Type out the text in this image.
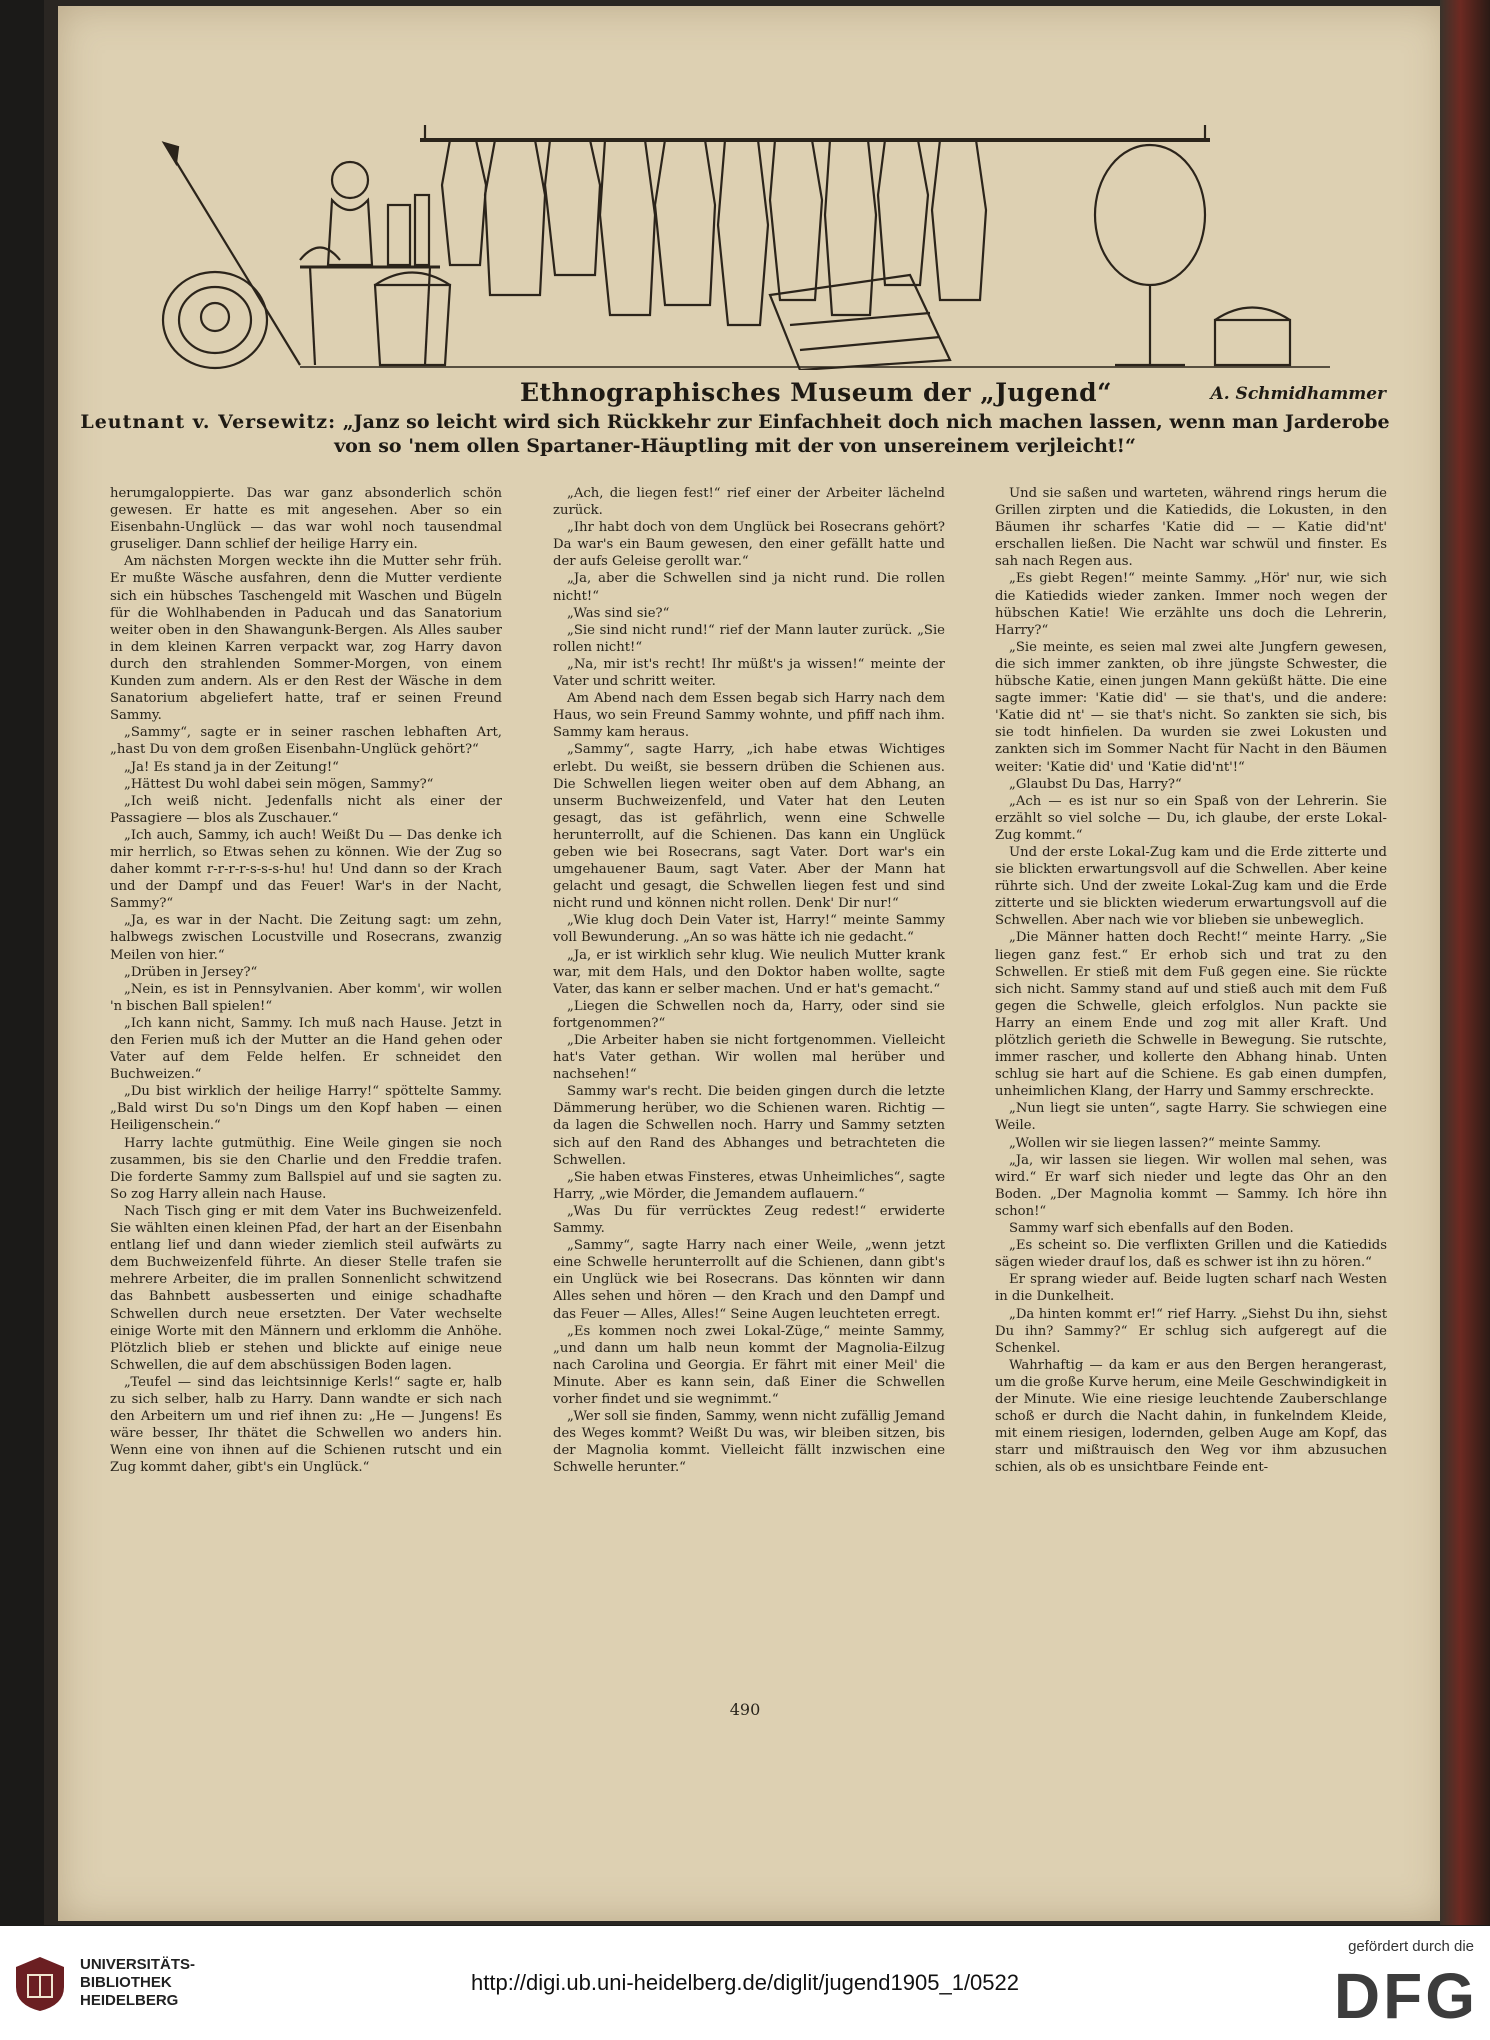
Ethnographisches Museum der „Jugend“	A. Schmidhammer
Leutnant v. Versewitz: „Janz so leicht wird sich Rückkehr zur Einfachheit doch nich machen lassen, wenn man Jarderobe
von so 'nem ollen Spartaner-Häuptling mit der von unsereinem verjleicht!“

herumgaloppierte. Das war ganz absonderlich schön gewesen. Er hatte es mit angesehen. Aber so ein Eisenbahn-Unglück — das war wohl noch tausendmal gruseliger. Dann schlief der heilige Harry ein.

Am nächsten Morgen weckte ihn die Mutter sehr früh. Er mußte Wäsche ausfahren, denn die Mutter verdiente sich ein hübsches Taschengeld mit Waschen und Bügeln für die Wohlhabenden in Paducah und das Sanatorium weiter oben in den Shawangunk-Bergen. Als Alles sauber in dem kleinen Karren verpackt war, zog Harry davon durch den strahlenden Sommer-Morgen, von einem Kunden zum andern. Als er den Rest der Wäsche in dem Sanatorium abgeliefert hatte, traf er seinen Freund Sammy.

„Sammy“, sagte er in seiner raschen lebhaften Art, „hast Du von dem großen Eisenbahn-Unglück gehört?“

„Ja! Es stand ja in der Zeitung!“

„Hättest Du wohl dabei sein mögen, Sammy?“

„Ich weiß nicht. Jedenfalls nicht als einer der Passagiere — blos als Zuschauer.“

„Ich auch, Sammy, ich auch! Weißt Du — Das denke ich mir herrlich, so Etwas sehen zu können. Wie der Zug so daher kommt r-r-r-r-s-s-s-hu! hu! Und dann so der Krach und der Dampf und das Feuer! War's in der Nacht, Sammy?“

„Ja, es war in der Nacht. Die Zeitung sagt: um zehn, halbwegs zwischen Locustville und Rosecrans, zwanzig Meilen von hier.“

„Drüben in Jersey?“

„Nein, es ist in Pennsylvanien. Aber komm', wir wollen 'n bischen Ball spielen!“

„Ich kann nicht, Sammy. Ich muß nach Hause. Jetzt in den Ferien muß ich der Mutter an die Hand gehen oder Vater auf dem Felde helfen. Er schneidet den Buchweizen.“

„Du bist wirklich der heilige Harry!“ spöttelte Sammy. „Bald wirst Du so'n Dings um den Kopf haben — einen Heiligenschein.“

Harry lachte gutmüthig. Eine Weile gingen sie noch zusammen, bis sie den Charlie und den Freddie trafen. Die forderte Sammy zum Ballspiel auf und sie sagten zu. So zog Harry allein nach Hause.

Nach Tisch ging er mit dem Vater ins Buchweizenfeld. Sie wählten einen kleinen Pfad, der hart an der Eisenbahn entlang lief und dann wieder ziemlich steil aufwärts zu dem Buchweizenfeld führte. An dieser Stelle trafen sie mehrere Arbeiter, die im prallen Sonnenlicht schwitzend das Bahnbett ausbesserten und einige schadhafte Schwellen durch neue ersetzten. Der Vater wechselte einige Worte mit den Männern und erklomm die Anhöhe. Plötzlich blieb er stehen und blickte auf einige neue Schwellen, die auf dem abschüssigen Boden lagen.

„Teufel — sind das leichtsinnige Kerls!“ sagte er, halb zu sich selber, halb zu Harry. Dann wandte er sich nach den Arbeitern um und rief ihnen zu: „He — Jungens! Es wäre besser, Ihr thätet die Schwellen wo anders hin. Wenn eine von ihnen auf die Schienen rutscht und ein Zug kommt daher, gibt's ein Unglück.“

„Ach, die liegen fest!“ rief einer der Arbeiter lächelnd zurück.

„Ihr habt doch von dem Unglück bei Rosecrans gehört? Da war's ein Baum gewesen, den einer gefällt hatte und der aufs Geleise gerollt war.“

„Ja, aber die Schwellen sind ja nicht rund. Die rollen nicht!“

„Was sind sie?“

„Sie sind nicht rund!“ rief der Mann lauter zurück. „Sie rollen nicht!“

„Na, mir ist's recht! Ihr müßt's ja wissen!“ meinte der Vater und schritt weiter.

Am Abend nach dem Essen begab sich Harry nach dem Haus, wo sein Freund Sammy wohnte, und pfiff nach ihm. Sammy kam heraus.

„Sammy“, sagte Harry, „ich habe etwas Wichtiges erlebt. Du weißt, sie bessern drüben die Schienen aus. Die Schwellen liegen weiter oben auf dem Abhang, an unserm Buchweizenfeld, und Vater hat den Leuten gesagt, das ist gefährlich, wenn eine Schwelle herunterrollt, auf die Schienen. Das kann ein Unglück geben wie bei Rosecrans, sagt Vater. Dort war's ein umgehauener Baum, sagt Vater. Aber der Mann hat gelacht und gesagt, die Schwellen liegen fest und sind nicht rund und können nicht rollen. Denk' Dir nur!“

„Wie klug doch Dein Vater ist, Harry!“ meinte Sammy voll Bewunderung. „An so was hätte ich nie gedacht.“

„Ja, er ist wirklich sehr klug. Wie neulich Mutter krank war, mit dem Hals, und den Doktor haben wollte, sagte Vater, das kann er selber machen. Und er hat's gemacht.“

„Liegen die Schwellen noch da, Harry, oder sind sie fortgenommen?“

„Die Arbeiter haben sie nicht fortgenommen. Vielleicht hat's Vater gethan. Wir wollen mal herüber und nachsehen!“

Sammy war's recht. Die beiden gingen durch die letzte Dämmerung herüber, wo die Schienen waren. Richtig — da lagen die Schwellen noch. Harry und Sammy setzten sich auf den Rand des Abhanges und betrachteten die Schwellen.

„Sie haben etwas Finsteres, etwas Unheimliches“, sagte Harry, „wie Mörder, die Jemandem auflauern.“

„Was Du für verrücktes Zeug redest!“ erwiderte Sammy.

„Sammy“, sagte Harry nach einer Weile, „wenn jetzt eine Schwelle herunterrollt auf die Schienen, dann gibt's ein Unglück wie bei Rosecrans. Das könnten wir dann Alles sehen und hören — den Krach und den Dampf und das Feuer — Alles, Alles!“ Seine Augen leuchteten erregt.

„Es kommen noch zwei Lokal-Züge,“ meinte Sammy, „und dann um halb neun kommt der Magnolia-Eilzug nach Carolina und Georgia. Er fährt mit einer Meil' die Minute. Aber es kann sein, daß Einer die Schwellen vorher findet und sie wegnimmt.“

„Wer soll sie finden, Sammy, wenn nicht zufällig Jemand des Weges kommt? Weißt Du was, wir bleiben sitzen, bis der Magnolia kommt. Vielleicht fällt inzwischen eine Schwelle herunter.“

Und sie saßen und warteten, während rings herum die Grillen zirpten und die Katiedids, die Lokusten, in den Bäumen ihr scharfes 'Katie did — — Katie did'nt' erschallen ließen. Die Nacht war schwül und finster. Es sah nach Regen aus.

„Es giebt Regen!“ meinte Sammy. „Hör' nur, wie sich die Katiedids wieder zanken. Immer noch wegen der hübschen Katie! Wie erzählte uns doch die Lehrerin, Harry?“

„Sie meinte, es seien mal zwei alte Jungfern gewesen, die sich immer zankten, ob ihre jüngste Schwester, die hübsche Katie, einen jungen Mann geküßt hätte. Die eine sagte immer: 'Katie did' — sie that's, und die andere: 'Katie did nt' — sie that's nicht. So zankten sie sich, bis sie todt hinfielen. Da wurden sie zwei Lokusten und zankten sich im Sommer Nacht für Nacht in den Bäumen weiter: 'Katie did' und 'Katie did'nt'!“

„Glaubst Du Das, Harry?“

„Ach — es ist nur so ein Spaß von der Lehrerin. Sie erzählt so viel solche — Du, ich glaube, der erste Lokal-Zug kommt.“

Und der erste Lokal-Zug kam und die Erde zitterte und sie blickten erwartungsvoll auf die Schwellen. Aber keine rührte sich. Und der zweite Lokal-Zug kam und die Erde zitterte und sie blickten wiederum erwartungsvoll auf die Schwellen. Aber nach wie vor blieben sie unbeweglich.

„Die Männer hatten doch Recht!“ meinte Harry. „Sie liegen ganz fest.“ Er erhob sich und trat zu den Schwellen. Er stieß mit dem Fuß gegen eine. Sie rückte sich nicht. Sammy stand auf und stieß auch mit dem Fuß gegen die Schwelle, gleich erfolglos. Nun packte sie Harry an einem Ende und zog mit aller Kraft. Und plötzlich gerieth die Schwelle in Bewegung. Sie rutschte, immer rascher, und kollerte den Abhang hinab. Unten schlug sie hart auf die Schiene. Es gab einen dumpfen, unheimlichen Klang, der Harry und Sammy erschreckte.

„Nun liegt sie unten“, sagte Harry. Sie schwiegen eine Weile.

„Wollen wir sie liegen lassen?“ meinte Sammy.

„Ja, wir lassen sie liegen. Wir wollen mal sehen, was wird.“ Er warf sich nieder und legte das Ohr an den Boden. „Der Magnolia kommt — Sammy. Ich höre ihn schon!“

Sammy warf sich ebenfalls auf den Boden.

„Es scheint so. Die verflixten Grillen und die Katiedids sägen wieder drauf los, daß es schwer ist ihn zu hören.“

Er sprang wieder auf. Beide lugten scharf nach Westen in die Dunkelheit.

„Da hinten kommt er!“ rief Harry. „Siehst Du ihn, siehst Du ihn? Sammy?“ Er schlug sich aufgeregt auf die Schenkel.

Wahrhaftig — da kam er aus den Bergen herangerast, um die große Kurve herum, eine Meile Geschwindigkeit in der Minute. Wie eine riesige leuchtende Zauberschlange schoß er durch die Nacht dahin, in funkelndem Kleide, mit einem riesigen, lodernden, gelben Auge am Kopf, das starr und mißtrauisch den Weg vor ihm abzusuchen schien, als ob es unsichtbare Feinde ent-

490
UNIVERSITÄTS-
BIBLIOTHEK
HEIDELBERG
http://digi.ub.uni-heidelberg.de/diglit/jugend1905_1/0522
gefördert durch die
DFG
